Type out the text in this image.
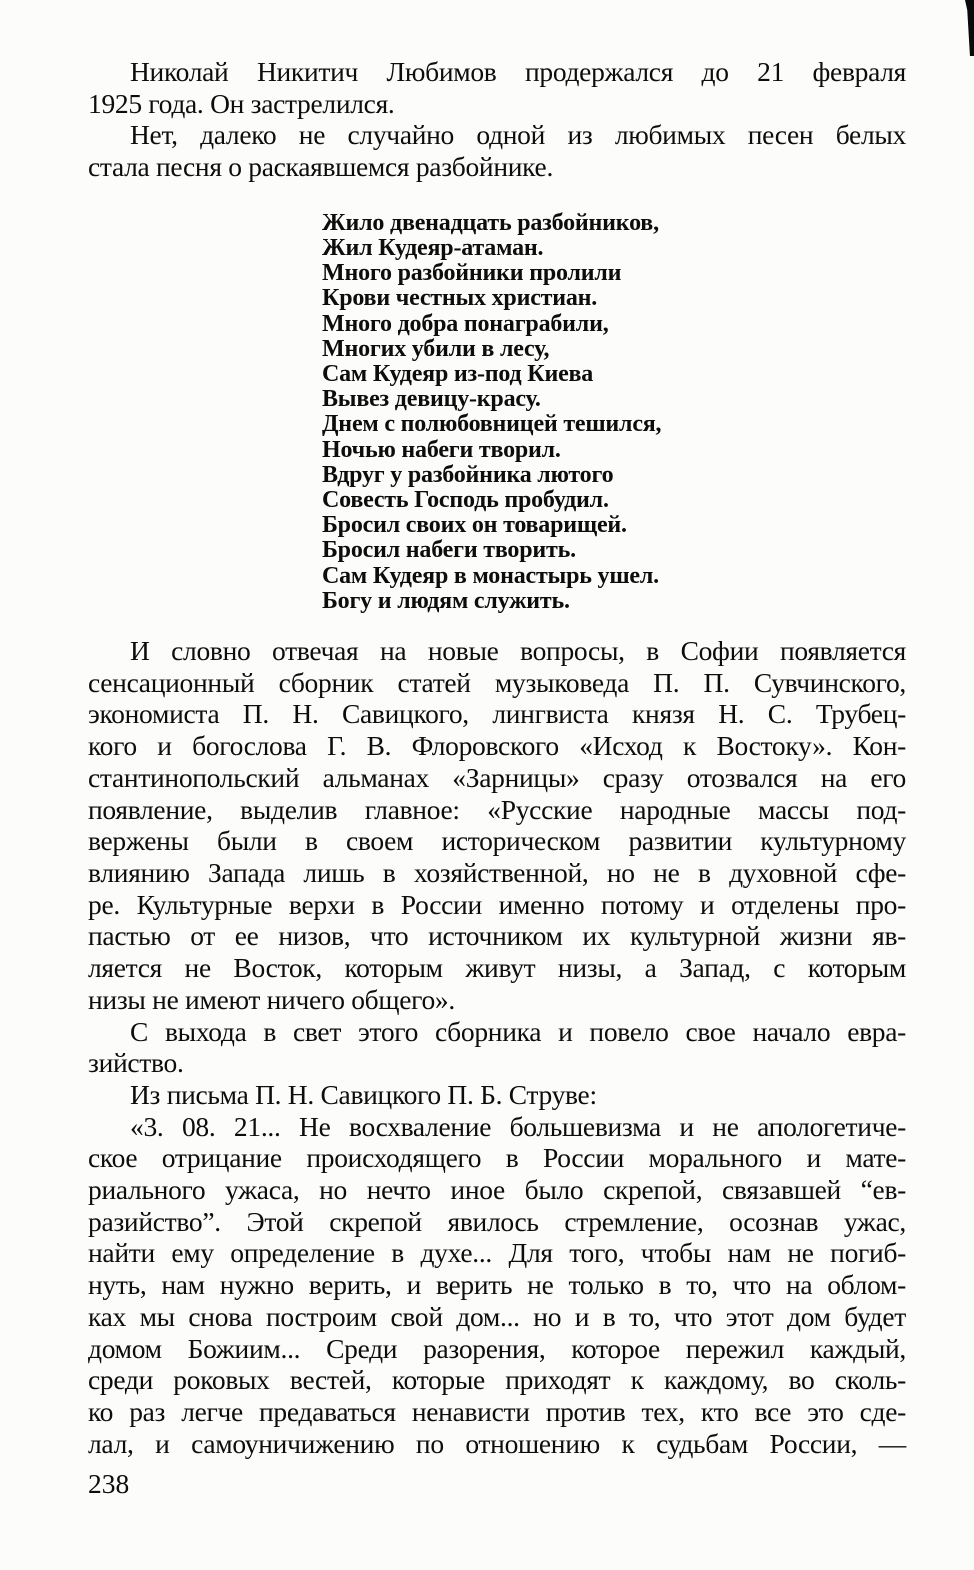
Николай Никитич Любимов продержался до 21 февраля
1925 года. Он застрелился.
Нет, далеко не случайно одной из любимых песен белых
стала песня о раскаявшемся разбойнике.
Жило двенадцать разбойников,
Жил Кудеяр-атаман.
Много разбойники пролили
Крови честных христиан.
Много добра понаграбили,
Многих убили в лесу,
Сам Кудеяр из-под Киева
Вывез девицу-красу.
Днем с полюбовницей тешился,
Ночью набеги творил.
Вдруг у разбойника лютого
Совесть Господь пробудил.
Бросил своих он товарищей.
Бросил набеги творить.
Сам Кудеяр в монастырь ушел.
Богу и людям служить.
И словно отвечая на новые вопросы, в Софии появляется
сенсационный сборник статей музыковеда П. П. Сувчинского,
экономиста П. Н. Савицкого, лингвиста князя Н. С. Трубец-
кого и богослова Г. В. Флоровского «Исход к Востоку». Кон-
стантинопольский альманах «Зарницы» сразу отозвался на его
появление, выделив главное: «Русские народные массы под-
вержены были в своем историческом развитии культурному
влиянию Запада лишь в хозяйственной, но не в духовной сфе-
ре. Культурные верхи в России именно потому и отделены про-
пастью от ее низов, что источником их культурной жизни яв-
ляется не Восток, которым живут низы, а Запад, с которым
низы не имеют ничего общего».
С выхода в свет этого сборника и повело свое начало евра-
зийство.
Из письма П. Н. Савицкого П. Б. Струве:
«3. 08. 21... Не восхваление большевизма и не апологетиче-
ское отрицание происходящего в России морального и мате-
риального ужаса, но нечто иное было скрепой, связавшей “ев-
разийство”. Этой скрепой явилось стремление, осознав ужас,
найти ему определение в духе... Для того, чтобы нам не погиб-
нуть, нам нужно верить, и верить не только в то, что на облом-
ках мы снова построим свой дом... но и в то, что этот дом будет
домом Божиим... Среди разорения, которое пережил каждый,
среди роковых вестей, которые приходят к каждому, во сколь-
ко раз легче предаваться ненависти против тех, кто все это сде-
лал, и самоуничижению по отношению к судьбам России, —
238
